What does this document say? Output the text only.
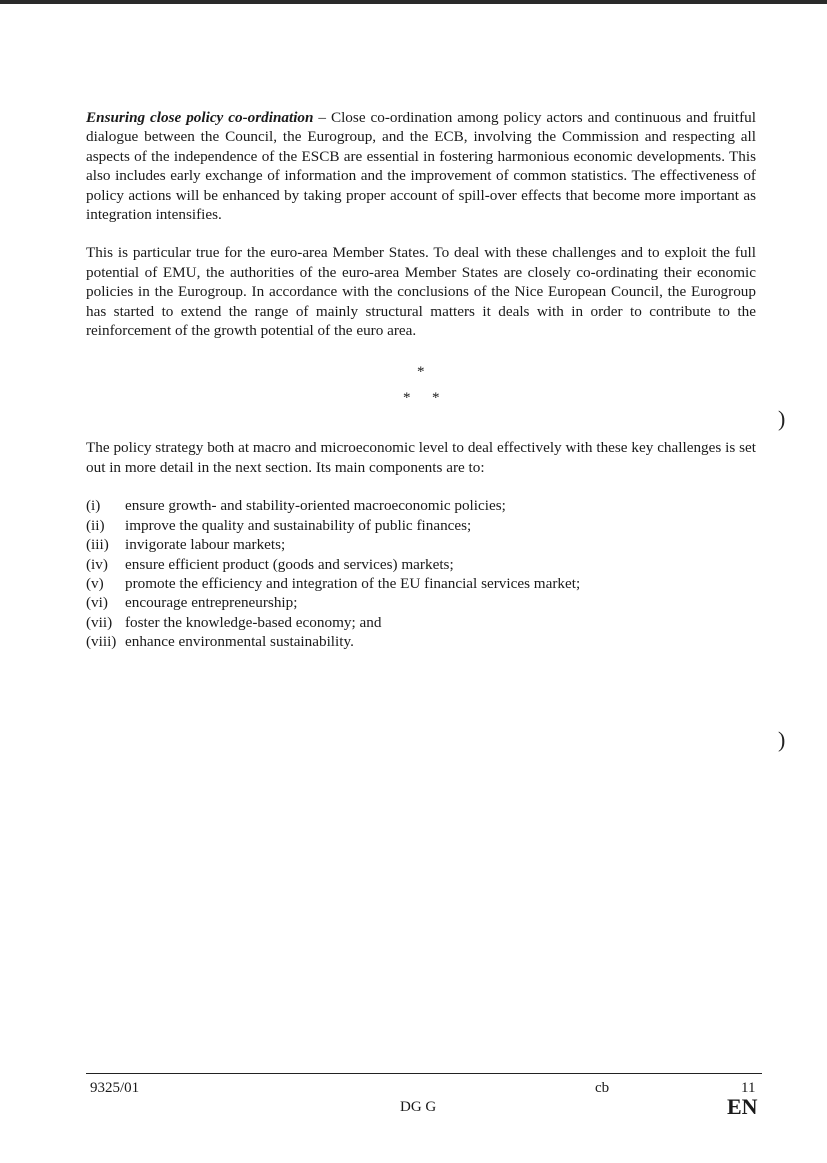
Ensuring close policy co-ordination – Close co-ordination among policy actors and continuous and fruitful dialogue between the Council, the Eurogroup, and the ECB, involving the Commission and respecting all aspects of the independence of the ESCB are essential in fostering harmonious economic developments. This also includes early exchange of information and the improvement of common statistics. The effectiveness of policy actions will be enhanced by taking proper account of spill-over effects that become more important as integration intensifies.

This is particular true for the euro-area Member States. To deal with these challenges and to exploit the full potential of EMU, the authorities of the euro-area Member States are closely co-ordinating their economic policies in the Eurogroup. In accordance with the conclusions of the Nice European Council, the Eurogroup has started to extend the range of mainly structural matters it deals with in order to contribute to the reinforcement of the growth potential of the euro area.

*
* *

The policy strategy both at macro and microeconomic level to deal effectively with these key challenges is set out in more detail in the next section. Its main components are to:

(i)	ensure growth- and stability-oriented macroeconomic policies;
(ii)	improve the quality and sustainability of public finances;
(iii)	invigorate labour markets;
(iv)	ensure efficient product (goods and services) markets;
(v)	promote the efficiency and integration of the EU financial services market;
(vi)	encourage entrepreneurship;
(vii) foster the knowledge-based economy; and
(viii) enhance environmental sustainability.
)
)
9325/01	cb	11
DG G	EN
